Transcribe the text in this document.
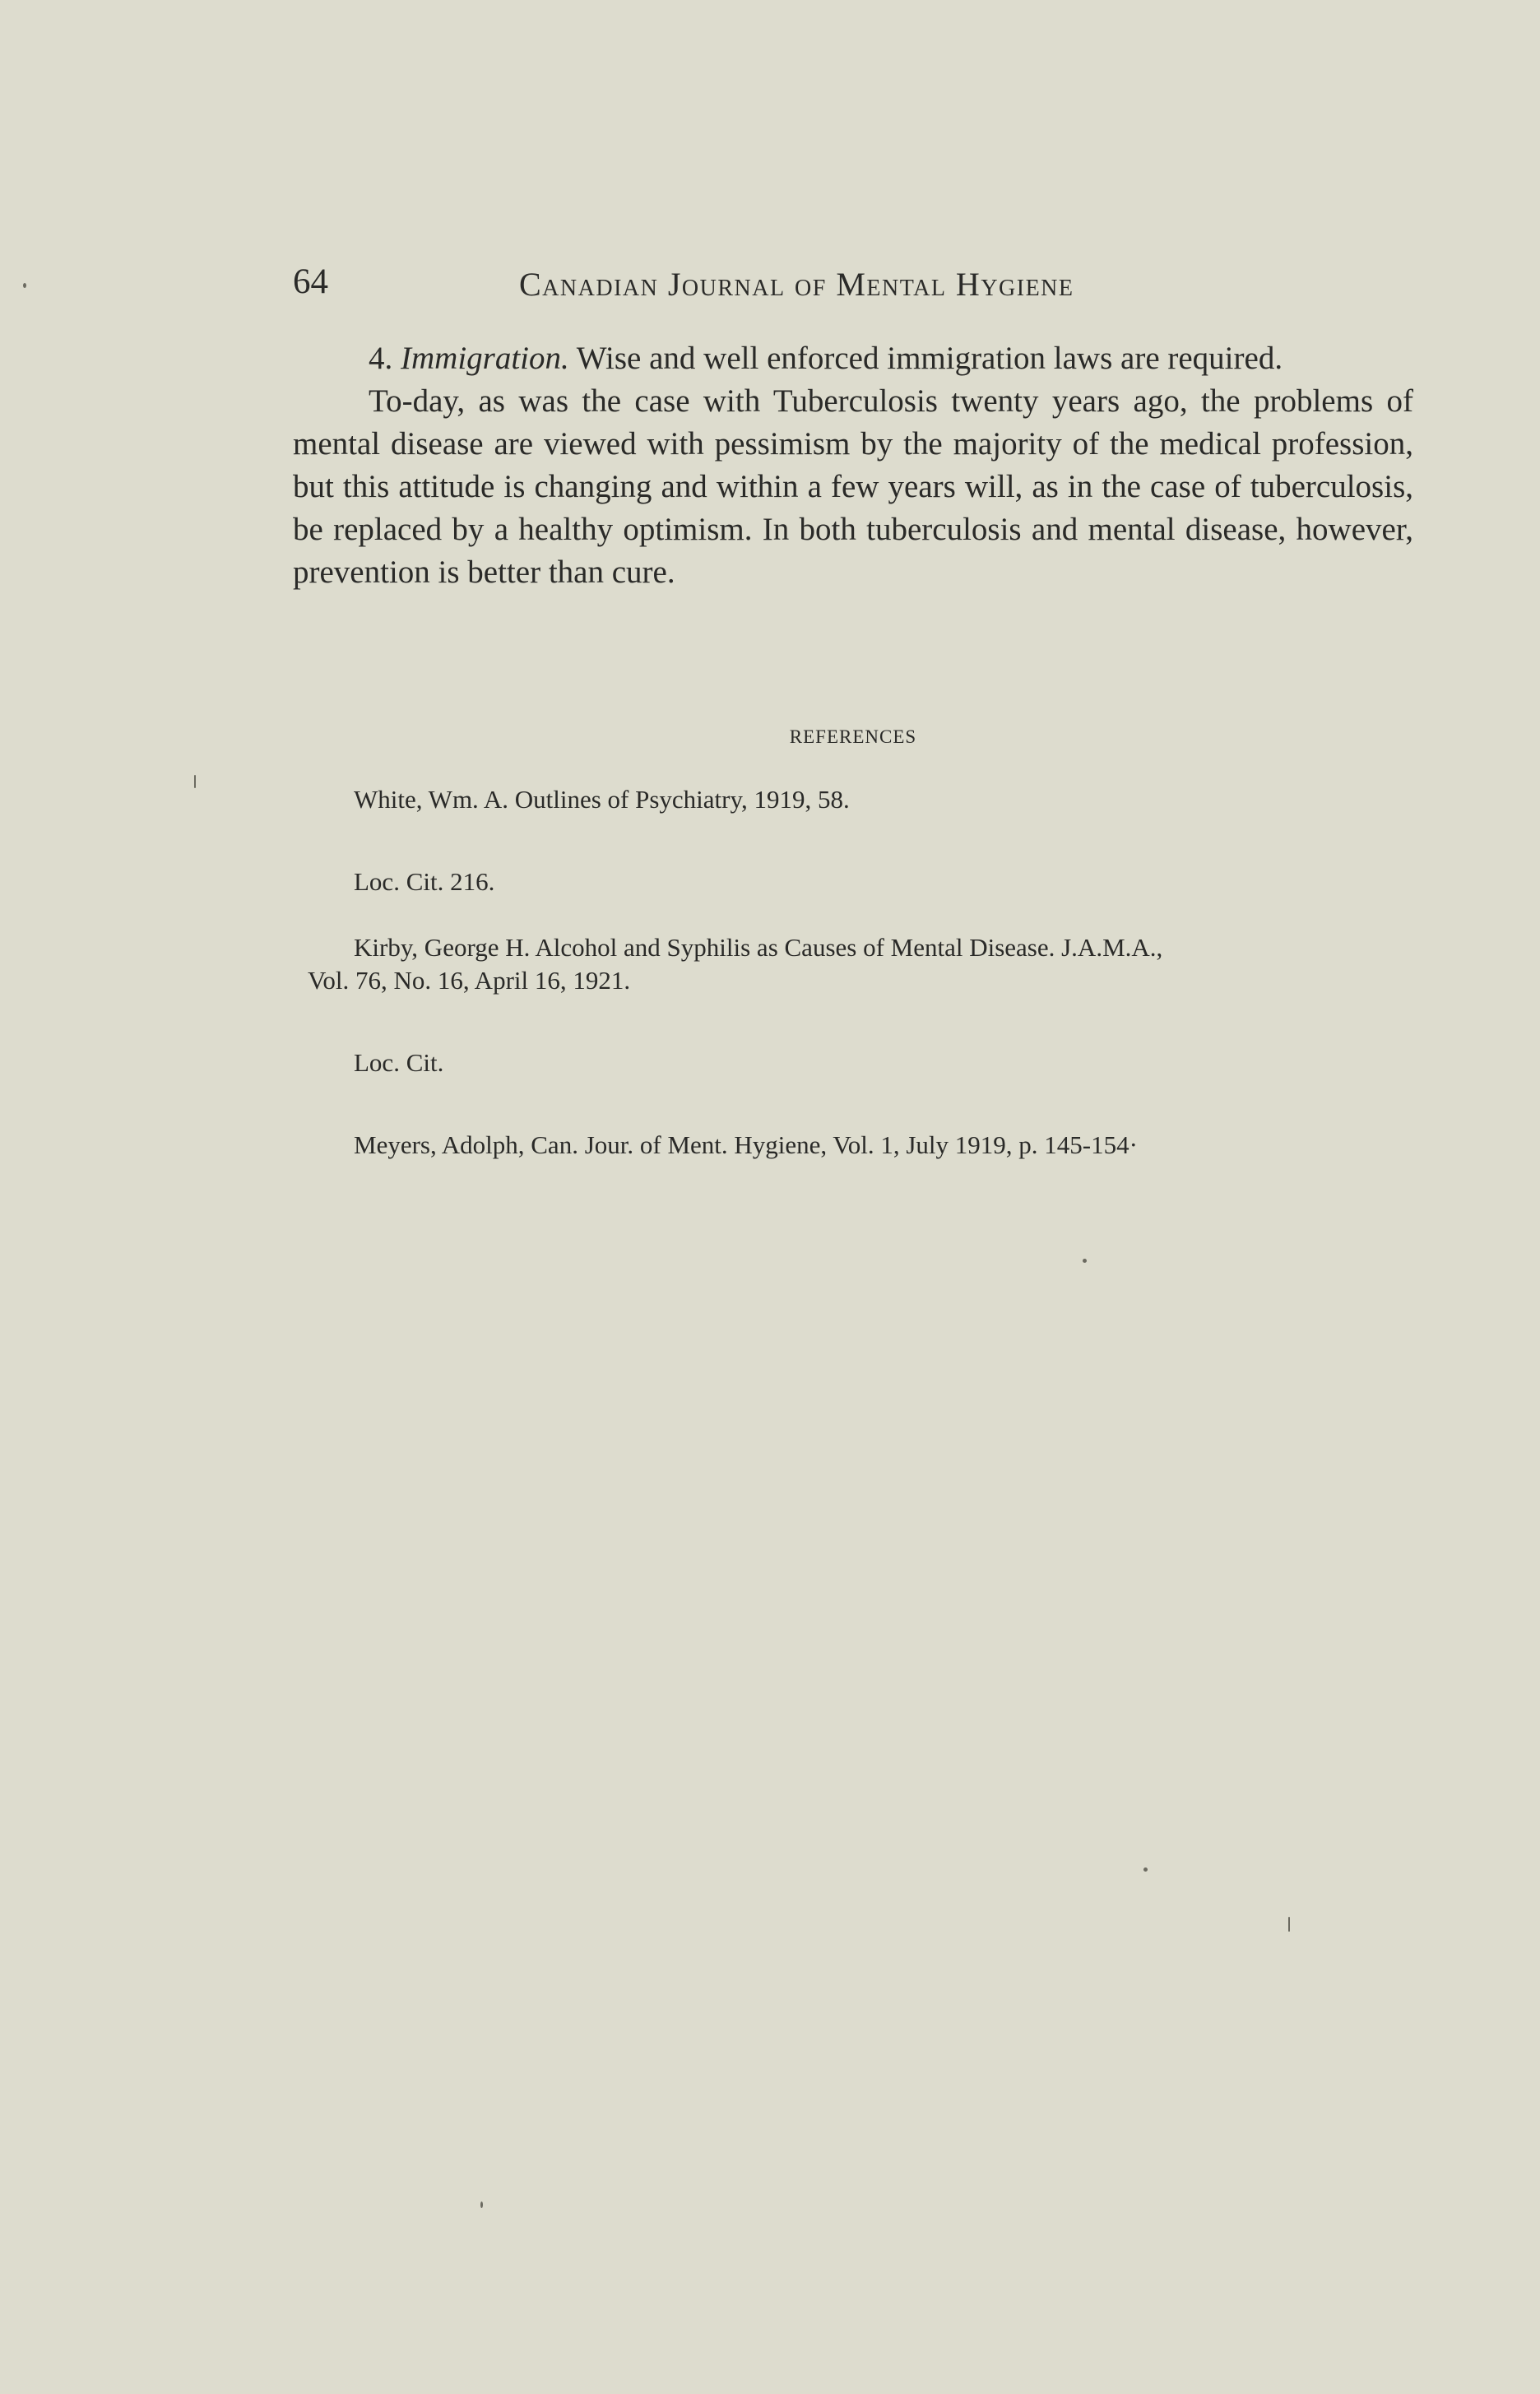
64	Canadian Journal of Mental Hygiene

4. Immigration. Wise and well enforced immigration laws are required.

To-day, as was the case with Tuberculosis twenty years ago, the problems of mental disease are viewed with pessimism by the majority of the medical profession, but this attitude is changing and within a few years will, as in the case of tuberculosis, be replaced by a healthy optimism. In both tuberculosis and mental disease, however, prevention is better than cure.

REFERENCES
White, Wm. A. Outlines of Psychiatry, 1919, 58.
Loc. Cit. 216.
Kirby, George H. Alcohol and Syphilis as Causes of Mental Disease. J.A.M.A.,
Vol. 76, No. 16, April 16, 1921.
Loc. Cit.
Meyers, Adolph, Can. Jour. of Ment. Hygiene, Vol. 1, July 1919, p. 145-154·
